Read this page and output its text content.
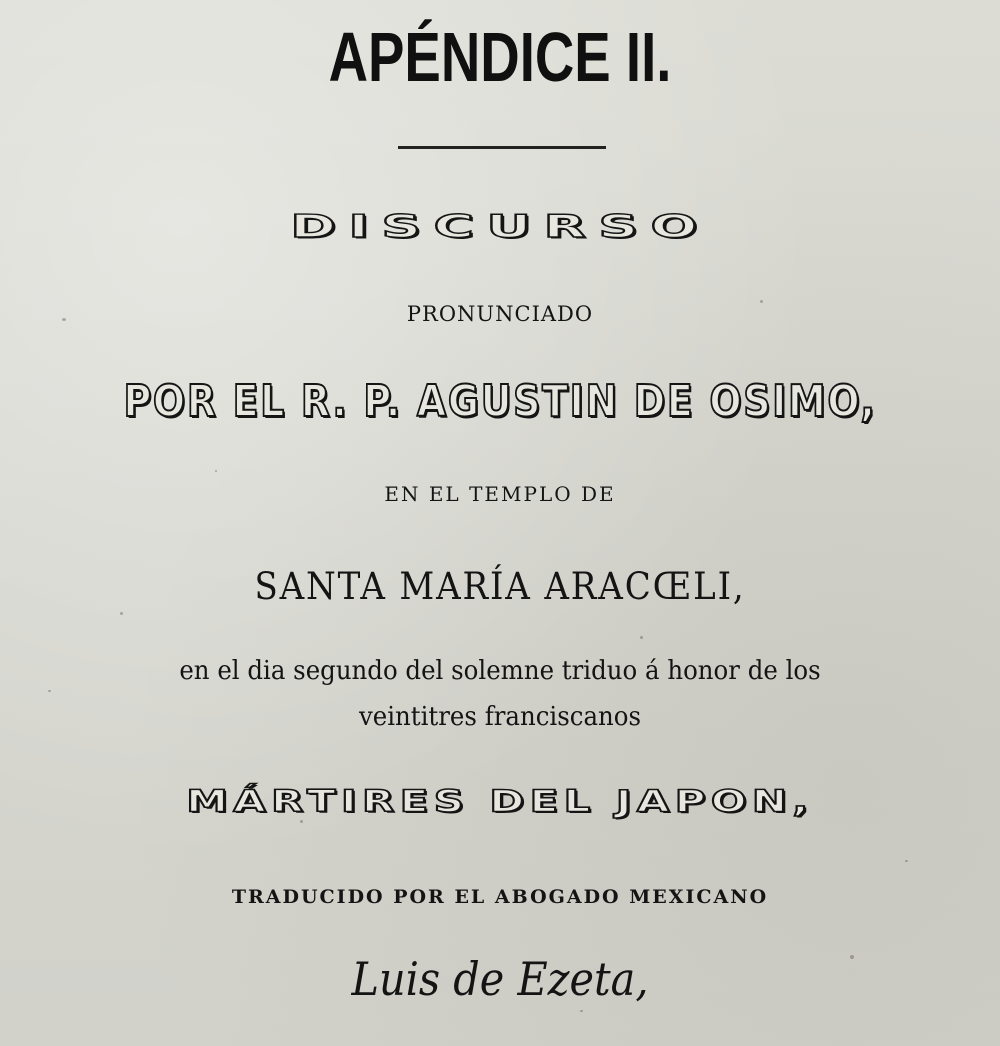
APÉNDICE II.
DISCURSO
PRONUNCIADO
POR EL R. P. AGUSTIN DE OSIMO,
EN EL TEMPLO DE
SANTA MARÍA ARACŒLI,
en el dia segundo del solemne triduo á honor de los
veintitres franciscanos
MÁRTIRES DEL JAPON,
TRADUCIDO POR EL ABOGADO MEXICANO
Luis de Ezeta,
